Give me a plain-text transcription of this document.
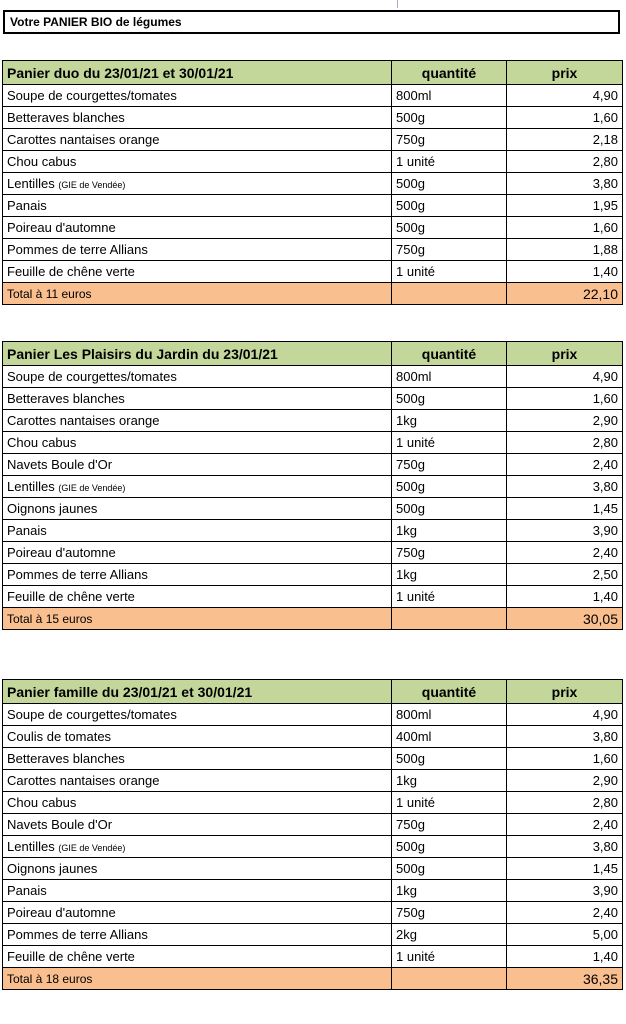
Votre PANIER BIO de légumes
Panier duo du 23/01/21 et 30/01/21	quantité	prix
Soupe de courgettes/tomates	800ml	4,90
Betteraves blanches	500g	1,60
Carottes nantaises orange	750g	2,18
Chou cabus	1 unité	2,80
Lentilles (GIE de Vendée)	500g	3,80
Panais	500g	1,95
Poireau d'automne	500g	1,60
Pommes de terre Allians	750g	1,88
Feuille de chêne verte	1 unité	1,40
Total à 11 euros		22,10
Panier Les Plaisirs du Jardin du 23/01/21	quantité	prix
Soupe de courgettes/tomates	800ml	4,90
Betteraves blanches	500g	1,60
Carottes nantaises orange	1kg	2,90
Chou cabus	1 unité	2,80
Navets Boule d'Or	750g	2,40
Lentilles (GIE de Vendée)	500g	3,80
Oignons jaunes	500g	1,45
Panais	1kg	3,90
Poireau d'automne	750g	2,40
Pommes de terre Allians	1kg	2,50
Feuille de chêne verte	1 unité	1,40
Total à 15 euros		30,05
Panier famille du 23/01/21 et 30/01/21	quantité	prix
Soupe de courgettes/tomates	800ml	4,90
Coulis de tomates	400ml	3,80
Betteraves blanches	500g	1,60
Carottes nantaises orange	1kg	2,90
Chou cabus	1 unité	2,80
Navets Boule d'Or	750g	2,40
Lentilles (GIE de Vendée)	500g	3,80
Oignons jaunes	500g	1,45
Panais	1kg	3,90
Poireau d'automne	750g	2,40
Pommes de terre Allians	2kg	5,00
Feuille de chêne verte	1 unité	1,40
Total à 18 euros		36,35
